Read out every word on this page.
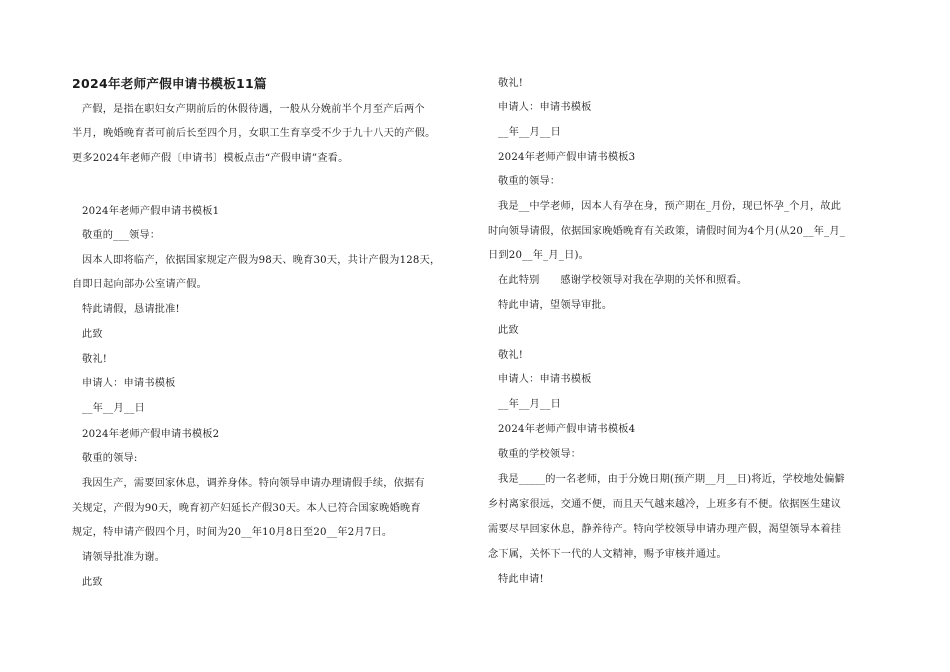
2024年老师产假申请书模板11篇
产假，是指在职妇女产期前后的休假待遇，一般从分娩前半个月至产后两个
半月，晚婚晚育者可前后长至四个月，女职工生育享受不少于九十八天的产假。
更多2024年老师产假〔申请书〕模板点击“产假申请”查看。
2024年老师产假申请书模板1
敬重的___领导：
因本人即将临产，依据国家规定产假为98天、晚育30天，共计产假为128天，
自即日起向部办公室请产假。
特此请假，恳请批准!
此致
敬礼!
申请人：申请书模板
__年__月__日
2024年老师产假申请书模板2
敬重的领导:
我因生产，需要回家休息，调养身体。特向领导申请办理请假手续，依据有
关规定，产假为90天，晚育初产妇延长产假30天。本人已符合国家晚婚晚育
规定，特申请产假四个月，时间为20__年10月8日至20__年2月7日。
请领导批准为谢。
此致
敬礼!
申请人：申请书模板
__年__月__日
2024年老师产假申请书模板3
敬重的领导：
我是__中学老师，因本人有孕在身，预产期在_月份，现已怀孕_个月，故此
时向领导请假，依据国家晚婚晚育有关政策，请假时间为4个月(从20__年_月_
日到20__年_月_日)。
在此特别　　感谢学校领导对我在孕期的关怀和照看。
特此申请，望领导审批。
此致
敬礼!
申请人：申请书模板
__年__月__日
2024年老师产假申请书模板4
敬重的学校领导：
我是_____的一名老师，由于分娩日期(预产期__月__日)将近，学校地处偏僻
乡村离家很远，交通不便，而且天气越来越冷，上班多有不便。依据医生建议
需要尽早回家休息，静养待产。特向学校领导申请办理产假，渴望领导本着挂
念下属，关怀下一代的人文精神，赐予审核并通过。
特此申请!
